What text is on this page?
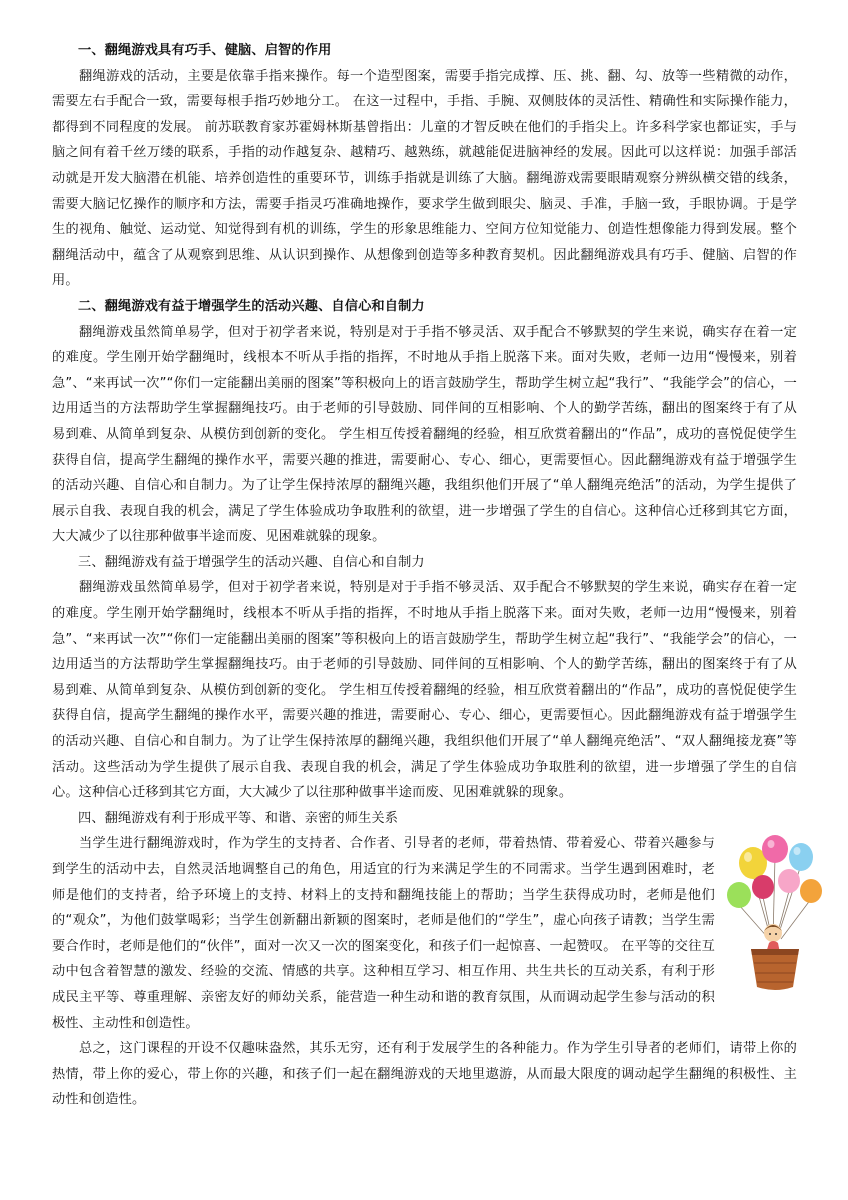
一、翻绳游戏具有巧手、健脑、启智的作用

翻绳游戏的活动，主要是依靠手指来操作。每一个造型图案，需要手指完成撑、压、挑、翻、勾、放等一些精微的动作，需要左右手配合一致，需要每根手指巧妙地分工。 在这一过程中，手指、手腕、双侧肢体的灵活性、精确性和实际操作能力，都得到不同程度的发展。 前苏联教育家苏霍姆林斯基曾指出：儿童的才智反映在他们的手指尖上。许多科学家也都证实，手与脑之间有着千丝万缕的联系，手指的动作越复杂、越精巧、越熟练，就越能促进脑神经的发展。因此可以这样说：加强手部活动就是开发大脑潜在机能、培养创造性的重要环节，训练手指就是训练了大脑。翻绳游戏需要眼睛观察分辨纵横交错的线条，需要大脑记忆操作的顺序和方法，需要手指灵巧准确地操作，要求学生做到眼尖、脑灵、手准，手脑一致，手眼协调。于是学生的视角、触觉、运动觉、知觉得到有机的训练，学生的形象思维能力、空间方位知觉能力、创造性想像能力得到发展。整个翻绳活动中，蕴含了从观察到思维、从认识到操作、从想像到创造等多种教育契机。因此翻绳游戏具有巧手、健脑、启智的作用。

二、翻绳游戏有益于增强学生的活动兴趣、自信心和自制力

翻绳游戏虽然简单易学，但对于初学者来说，特别是对于手指不够灵活、双手配合不够默契的学生来说，确实存在着一定的难度。学生刚开始学翻绳时，线根本不听从手指的指挥，不时地从手指上脱落下来。面对失败，老师一边用“慢慢来，别着急”、“来再试一次”“你们一定能翻出美丽的图案”等积极向上的语言鼓励学生，帮助学生树立起“我行”、“我能学会”的信心，一边用适当的方法帮助学生掌握翻绳技巧。由于老师的引导鼓励、同伴间的互相影响、个人的勤学苦练，翻出的图案终于有了从易到难、从简单到复杂、从模仿到创新的变化。 学生相互传授着翻绳的经验，相互欣赏着翻出的“作品”，成功的喜悦促使学生获得自信，提高学生翻绳的操作水平，需要兴趣的推进，需要耐心、专心、细心，更需要恒心。因此翻绳游戏有益于增强学生的活动兴趣、自信心和自制力。为了让学生保持浓厚的翻绳兴趣，我组织他们开展了“单人翻绳亮绝活”的活动，为学生提供了展示自我、表现自我的机会，满足了学生体验成功争取胜利的欲望，进一步增强了学生的自信心。这种信心迁移到其它方面，大大减少了以往那种做事半途而废、见困难就躲的现象。

三、翻绳游戏有益于增强学生的活动兴趣、自信心和自制力

翻绳游戏虽然简单易学，但对于初学者来说，特别是对于手指不够灵活、双手配合不够默契的学生来说，确实存在着一定的难度。学生刚开始学翻绳时，线根本不听从手指的指挥，不时地从手指上脱落下来。面对失败，老师一边用“慢慢来，别着急”、“来再试一次”“你们一定能翻出美丽的图案”等积极向上的语言鼓励学生，帮助学生树立起“我行”、“我能学会”的信心，一边用适当的方法帮助学生掌握翻绳技巧。由于老师的引导鼓励、同伴间的互相影响、个人的勤学苦练，翻出的图案终于有了从易到难、从简单到复杂、从模仿到创新的变化。 学生相互传授着翻绳的经验，相互欣赏着翻出的“作品”，成功的喜悦促使学生获得自信，提高学生翻绳的操作水平，需要兴趣的推进，需要耐心、专心、细心，更需要恒心。因此翻绳游戏有益于增强学生的活动兴趣、自信心和自制力。为了让学生保持浓厚的翻绳兴趣，我组织他们开展了“单人翻绳亮绝活”、“双人翻绳接龙赛”等活动。这些活动为学生提供了展示自我、表现自我的机会，满足了学生体验成功争取胜利的欲望，进一步增强了学生的自信心。这种信心迁移到其它方面，大大减少了以往那种做事半途而废、见困难就躲的现象。

四、翻绳游戏有利于形成平等、和谐、亲密的师生关系

当学生进行翻绳游戏时，作为学生的支持者、合作者、引导者的老师，带着热情、带着爱心、带着兴趣参与到学生的活动中去，自然灵活地调整自己的角色，用适宜的行为来满足学生的不同需求。当学生遇到困难时，老师是他们的支持者，给予环境上的支持、材料上的支持和翻绳技能上的帮助；当学生获得成功时，老师是他们的“观众”，为他们鼓掌喝彩；当学生创新翻出新颖的图案时，老师是他们的“学生”，虚心向孩子请教；当学生需要合作时，老师是他们的“伙伴”，面对一次又一次的图案变化，和孩子们一起惊喜、一起赞叹。 在平等的交往互动中包含着智慧的激发、经验的交流、情感的共享。这种相互学习、相互作用、共生共长的互动关系，有利于形成民主平等、尊重理解、亲密友好的师幼关系，能营造一种生动和谐的教育氛围，从而调动起学生参与活动的积极性、主动性和创造性。

总之，这门课程的开设不仅趣味盎然，其乐无穷，还有利于发展学生的各种能力。作为学生引导者的老师们，请带上你的热情，带上你的爱心，带上你的兴趣，和孩子们一起在翻绳游戏的天地里遨游，从而最大限度的调动起学生翻绳的积极性、主动性和创造性。
